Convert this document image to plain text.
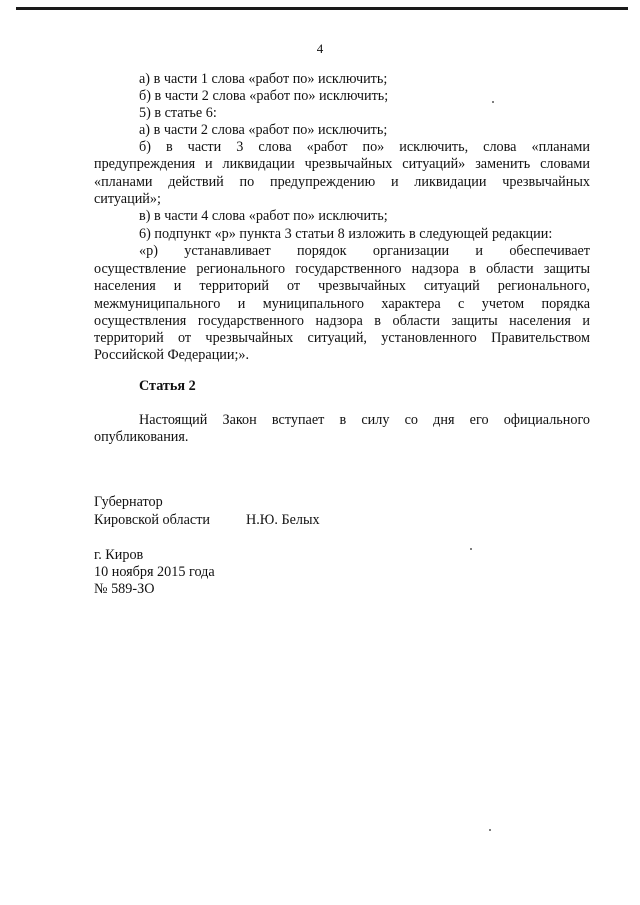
4
а) в части 1 слова «работ по» исключить;
б) в части 2 слова «работ по» исключить;
5) в статье 6:
а) в части 2 слова «работ по» исключить;
б) в части 3 слова «работ по» исключить, слова «планами
предупреждения и ликвидации чрезвычайных ситуаций» заменить словами
«планами действий по предупреждению и ликвидации чрезвычайных
ситуаций»;
в) в части 4 слова «работ по» исключить;
6) подпункт «р» пункта 3 статьи 8 изложить в следующей редакции:
«р) устанавливает порядок организации и обеспечивает
осуществление регионального государственного надзора в области защиты
населения и территорий от чрезвычайных ситуаций регионального,
межмуниципального и муниципального характера с учетом порядка
осуществления государственного надзора в области защиты населения и
территорий от чрезвычайных ситуаций, установленного Правительством
Российской Федерации;».
Статья 2
Настоящий Закон вступает в силу со дня его официального
опубликования.
Губернатор
Кировской области	Н.Ю. Белых
г. Киров
10 ноября 2015 года
№ 589-ЗО
